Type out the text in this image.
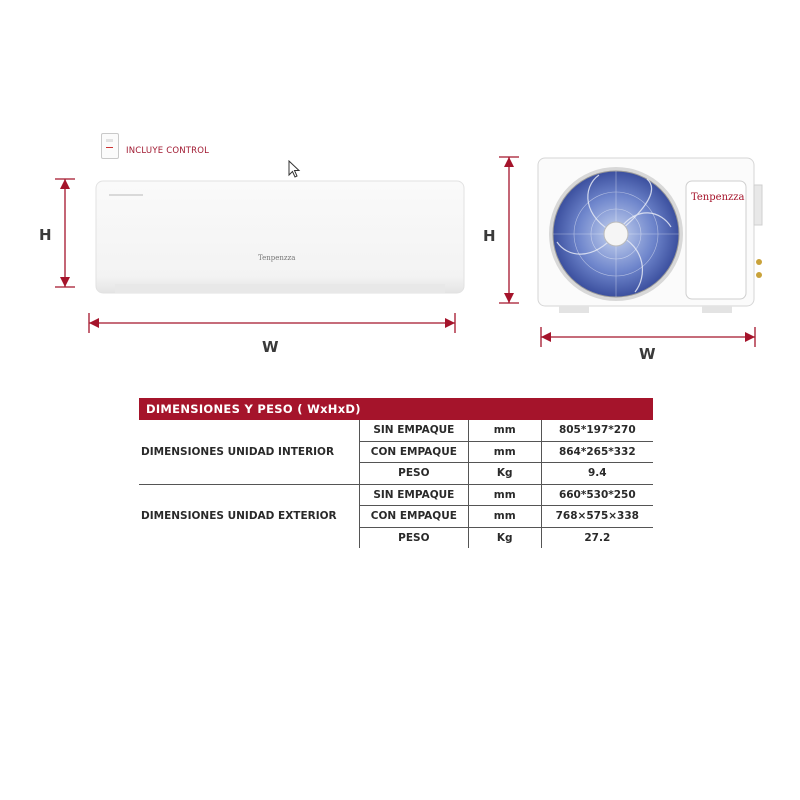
INCLUYE CONTROL
Tenpenzza
H
W
Tenpenzza
H
W
DIMENSIONES Y PESO ( WxHxD)			
DIMENSIONES UNIDAD INTERIOR	SIN EMPAQUE	mm	805*197*270
	CON EMPAQUE	mm	864*265*332
	PESO	Kg	9.4
DIMENSIONES UNIDAD EXTERIOR	SIN EMPAQUE	mm	660*530*250
	CON EMPAQUE	mm	768×575×338
	PESO	Kg	27.2
